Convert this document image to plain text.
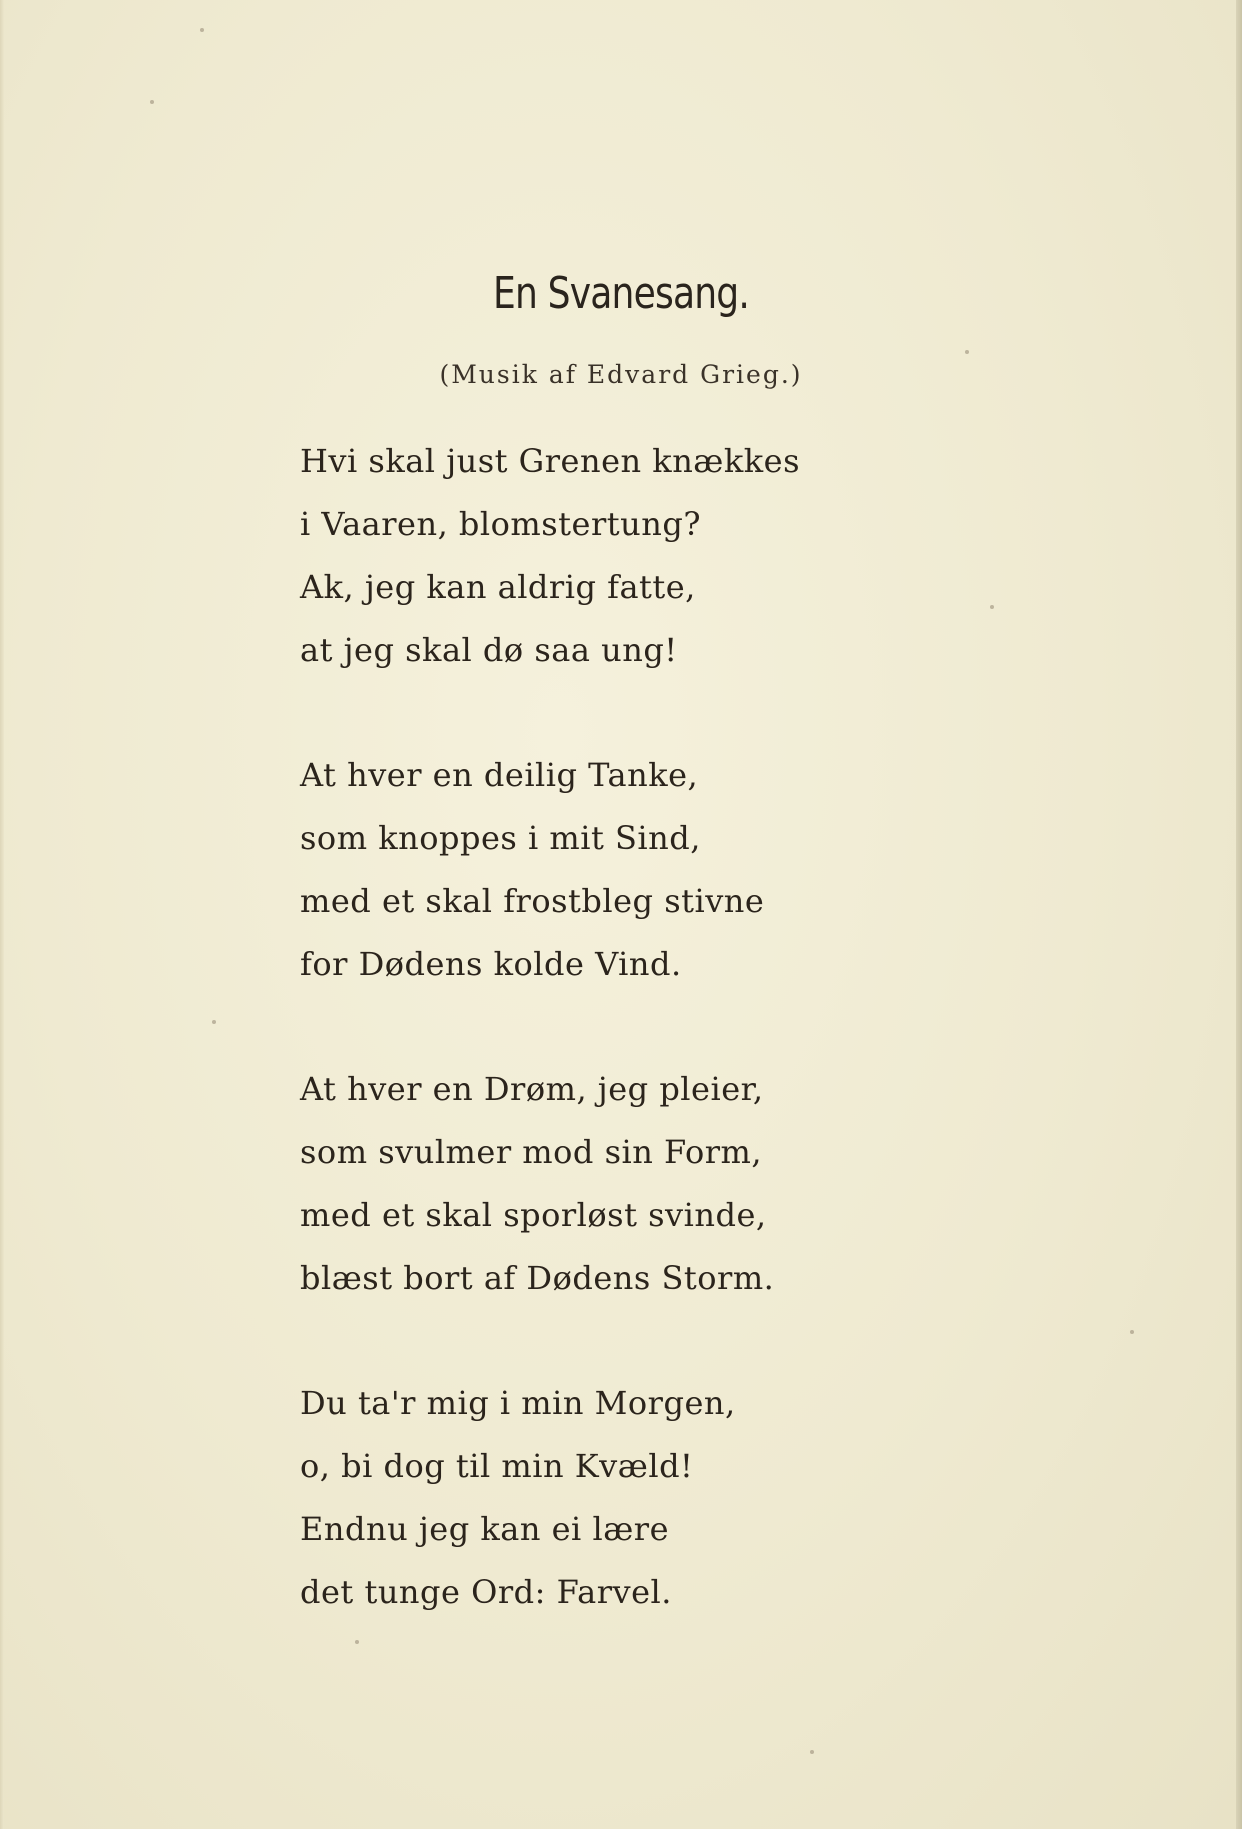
En Svanesang.

(Musik af Edvard Grieg.)

Hvi skal just Grenen knækkes
i Vaaren, blomstertung?
Ak, jeg kan aldrig fatte,
at jeg skal dø saa ung!
At hver en deilig Tanke,
som knoppes i mit Sind,
med et skal frostbleg stivne
for Dødens kolde Vind.
At hver en Drøm, jeg pleier,
som svulmer mod sin Form,
med et skal sporløst svinde,
blæst bort af Dødens Storm.
Du ta'r mig i min Morgen,
o, bi dog til min Kvæld!
Endnu jeg kan ei lære
det tunge Ord: Farvel.
